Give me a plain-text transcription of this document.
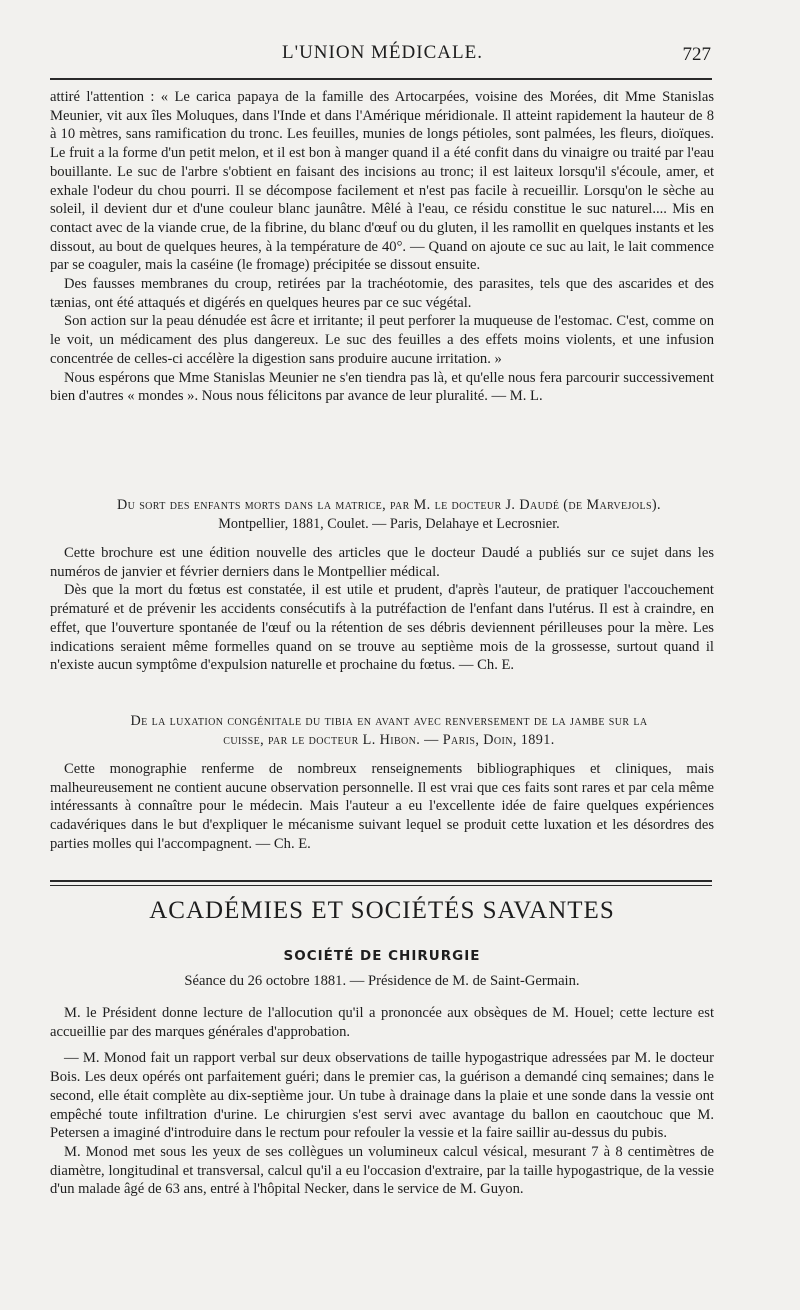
L'UNION MÉDICALE.	727

attiré l'attention : « Le carica papaya de la famille des Artocarpées, voisine des Morées, dit Mme Stanislas Meunier, vit aux îles Moluques, dans l'Inde et dans l'Amérique méridionale. Il atteint rapidement la hauteur de 8 à 10 mètres, sans ramification du tronc. Les feuilles, munies de longs pétioles, sont palmées, les fleurs, dioïques. Le fruit a la forme d'un petit melon, et il est bon à manger quand il a été confit dans du vinaigre ou traité par l'eau bouillante. Le suc de l'arbre s'obtient en faisant des incisions au tronc; il est laiteux lorsqu'il s'écoule, amer, et exhale l'odeur du chou pourri. Il se décompose facilement et n'est pas facile à recueillir. Lorsqu'on le sèche au soleil, il devient dur et d'une couleur blanc jaunâtre. Mêlé à l'eau, ce résidu constitue le suc naturel.... Mis en contact avec de la viande crue, de la fibrine, du blanc d'œuf ou du gluten, il les ramollit en quelques instants et les dissout, au bout de quelques heures, à la température de 40°. — Quand on ajoute ce suc au lait, le lait commence par se coaguler, mais la caséine (le fromage) précipitée se dissout ensuite.

Des fausses membranes du croup, retirées par la trachéotomie, des parasites, tels que des ascarides et des tænias, ont été attaqués et digérés en quelques heures par ce suc végétal.

Son action sur la peau dénudée est âcre et irritante; il peut perforer la muqueuse de l'estomac. C'est, comme on le voit, un médicament des plus dangereux. Le suc des feuilles a des effets moins violents, et une infusion concentrée de celles-ci accélère la digestion sans produire aucune irritation. »

Nous espérons que Mme Stanislas Meunier ne s'en tiendra pas là, et qu'elle nous fera parcourir successivement bien d'autres « mondes ». Nous nous félicitons par avance de leur pluralité. — M. L.

Du sort des enfants morts dans la matrice, par M. le docteur J. Daudé (de Marvejols).

Montpellier, 1881, Coulet. — Paris, Delahaye et Lecrosnier.

Cette brochure est une édition nouvelle des articles que le docteur Daudé a publiés sur ce sujet dans les numéros de janvier et février derniers dans le Montpellier médical.

Dès que la mort du fœtus est constatée, il est utile et prudent, d'après l'auteur, de pratiquer l'accouchement prématuré et de prévenir les accidents consécutifs à la putréfaction de l'enfant dans l'utérus. Il est à craindre, en effet, que l'ouverture spontanée de l'œuf ou la rétention de ses débris deviennent périlleuses pour la mère. Les indications seraient même formelles quand on se trouve au septième mois de la grossesse, surtout quand il n'existe aucun symptôme d'expulsion naturelle et prochaine du fœtus. — Ch. E.

De la luxation congénitale du tibia en avant avec renversement de la jambe sur la

cuisse, par le docteur L. Hibon. — Paris, Doin, 1891.

Cette monographie renferme de nombreux renseignements bibliographiques et cliniques, mais malheureusement ne contient aucune observation personnelle. Il est vrai que ces faits sont rares et par cela même intéressants à connaître pour le médecin. Mais l'auteur a eu l'excellente idée de faire quelques expériences cadavériques dans le but d'expliquer le mécanisme suivant lequel se produit cette luxation et les désordres des parties molles qui l'accompagnent. — Ch. E.

ACADÉMIES ET SOCIÉTÉS SAVANTES
SOCIÉTÉ DE CHIRURGIE
Séance du 26 octobre 1881. — Présidence de M. de Saint-Germain.

M. le Président donne lecture de l'allocution qu'il a prononcée aux obsèques de M. Houel; cette lecture est accueillie par des marques générales d'approbation.

— M. Monod fait un rapport verbal sur deux observations de taille hypogastrique adressées par M. le docteur Bois. Les deux opérés ont parfaitement guéri; dans le premier cas, la guérison a demandé cinq semaines; dans le second, elle était complète au dix-septième jour. Un tube à drainage dans la plaie et une sonde dans la vessie ont empêché toute infiltration d'urine. Le chirurgien s'est servi avec avantage du ballon en caoutchouc que M. Petersen a imaginé d'introduire dans le rectum pour refouler la vessie et la faire saillir au-dessus du pubis.

M. Monod met sous les yeux de ses collègues un volumineux calcul vésical, mesurant 7 à 8 centimètres de diamètre, longitudinal et transversal, calcul qu'il a eu l'occasion d'extraire, par la taille hypogastrique, de la vessie d'un malade âgé de 63 ans, entré à l'hôpital Necker, dans le service de M. Guyon.
